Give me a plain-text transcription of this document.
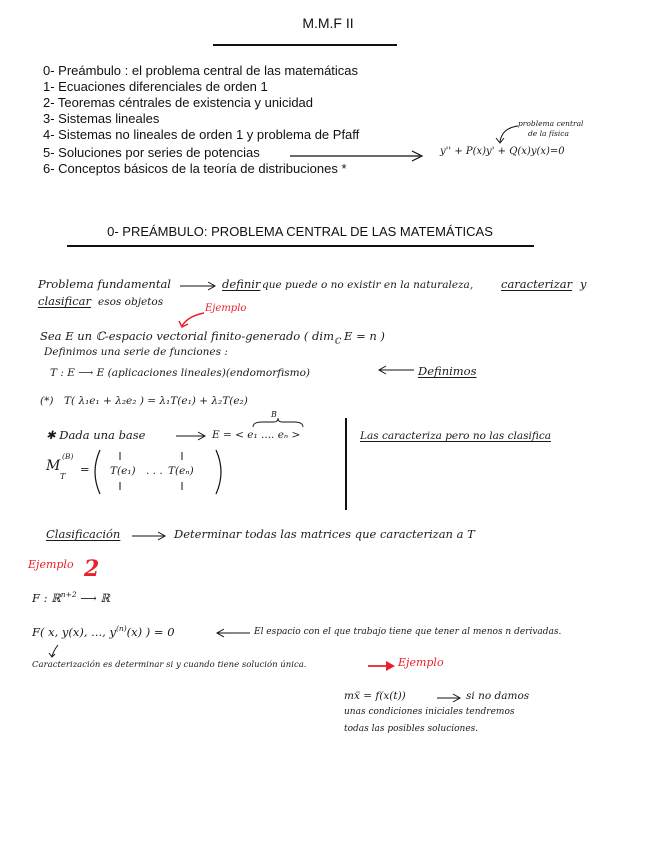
M.M.F II
0- Preámbulo : el problema central de las matemáticas
1- Ecuaciones diferenciales de orden 1
2- Teoremas céntrales de existencia y unicidad
3- Sistemas lineales
4- Sistemas no lineales de orden 1 y problema de Pfaff
5- Soluciones por series de potencias
6- Conceptos básicos de la teoría de distribuciones *
y'' + P(x)y' + Q(x)y(x)=0
problema central
de la física
0- PREÁMBULO: PROBLEMA CENTRAL DE LAS MATEMÁTICAS
Problema fundamental	definir que puede o no existir en la naturaleza, caracterizar y
clasificar esos objetos
Ejemplo
Sea E un ℂ-espacio vectorial finito-generado ( dim$_ℂ$ E = n )
Definimos una serie de funciones :
T : E ⟶ E (aplicaciones lineales)(endomorfismo)	Definimos
(*) T( λ₁e₁ + λ₂e₂ ) = λ₁T(e₁) + λ₂T(e₂)
✱ Dada una base	E = < e₁ .... eₙ >
B
M
(B)
T
= T(e₁) . . . T(eₙ)
Las caracteriza pero no las clasifica
Clasificación	Determinar todas las matrices que caracterizan a T
Ejemplo 2
F : ℝ$^{n+2}$ ⟶ ℝ
F( x, y(x), ..., $y^{(n)}(x)$ ) = 0	El espacio con el que trabajo tiene que tener al menos n derivadas.
Caracterización es determinar si y cuando tiene solución única.	Ejemplo
mẍ = f(x(t))	si no damos
unas condiciones iniciales tendremos
todas las posibles soluciones.
